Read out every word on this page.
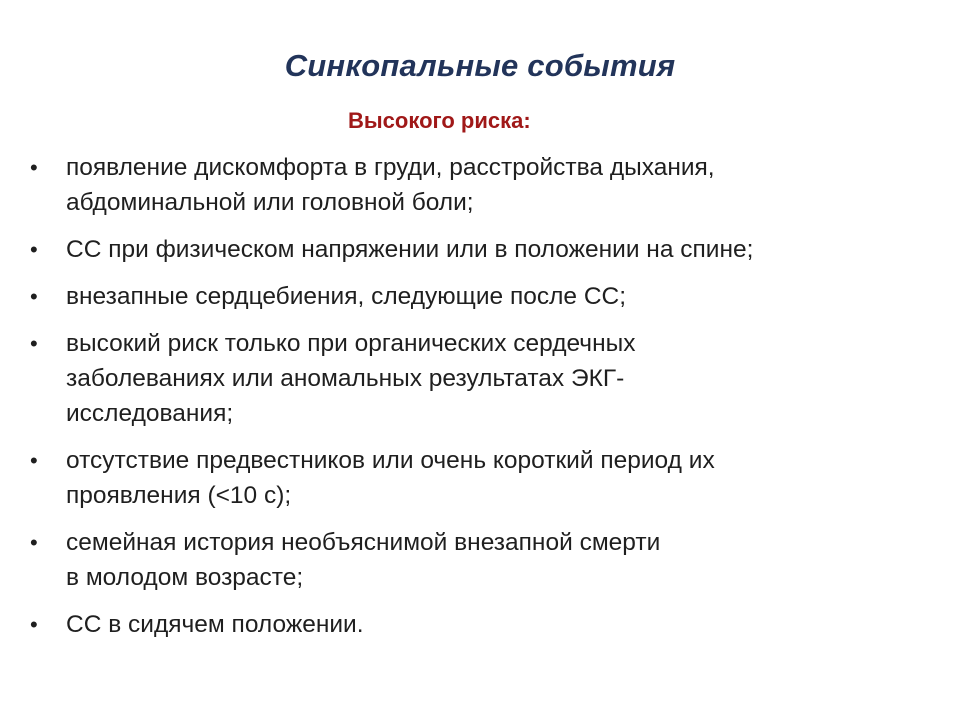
Синкопальные события
Высокого риска:
• появление дискомфорта в груди, расстройства дыхания,
абдоминальной или головной боли;
• СС при физическом напряжении или в положении на спине;
• внезапные сердцебиения, следующие после СС;
• высокий риск только при органических сердечных
заболеваниях или аномальных результатах ЭКГ-
исследования;
• отсутствие предвестников или очень короткий период их
проявления (<10 с);
• семейная история необъяснимой внезапной смерти
в молодом возрасте;
• СС в сидячем положении.
